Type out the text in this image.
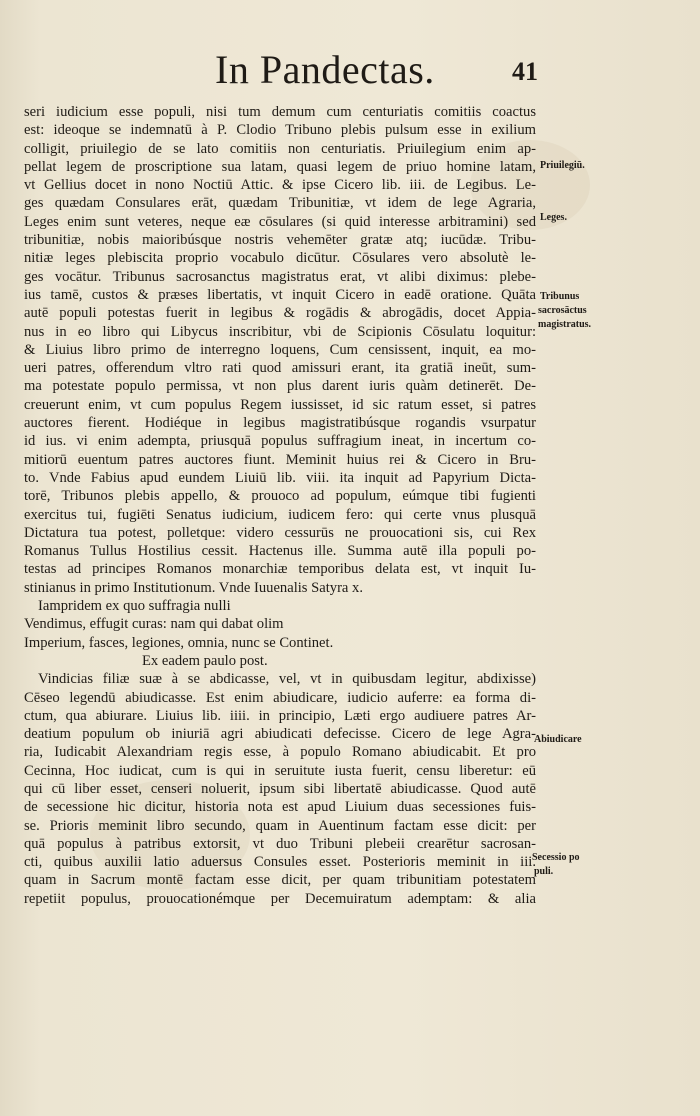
In Pandectas.	41
seri iudicium esse populi, nisi tum demum cum centuriatis comitiis coactus
est: ideoque se indemnatū à P. Clodio Tribuno plebis pulsum esse in exilium
colligit, priuilegio de se lato comitiis non centuriatis. Priuilegium enim ap-
pellat legem de proscriptione sua latam, quasi legem de priuo homine latam,
vt Gellius docet in nono Noctiū Attic. & ipse Cicero lib. iii. de Legibus. Le-
ges quædam Consulares erāt, quædam Tribunitiæ, vt idem de lege Agraria,
Leges enim sunt veteres, neque eæ cōsulares (si quid interesse arbitramini) sed
tribunitiæ, nobis maioribúsque nostris vehemēter gratæ atq; iucūdæ. Tribu-
nitiæ leges plebiscita proprio vocabulo dicūtur. Cōsulares vero absolutè le-
ges vocātur. Tribunus sacrosanctus magistratus erat, vt alibi diximus: plebe-
ius tamē, custos & præses libertatis, vt inquit Cicero in eadē oratione. Quāta
autē populi potestas fuerit in legibus & rogādis & abrogādis, docet Appia-
nus in eo libro qui Libycus inscribitur, vbi de Scipionis Cōsulatu loquitur:
& Liuius libro primo de interregno loquens, Cum censissent, inquit, ea mo-
ueri patres, offerendum vltro rati quod amissuri erant, ita gratiā ineūt, sum-
ma potestate populo permissa, vt non plus darent iuris quàm detinerēt. De-
creuerunt enim, vt cum populus Regem iussisset, id sic ratum esset, si patres
auctores fierent. Hodiéque in legibus magistratibúsque rogandis vsurpatur
id ius. vi enim adempta, priusquā populus suffragium ineat, in incertum co-
mitiorū euentum patres auctores fiunt. Meminit huius rei & Cicero in Bru-
to. Vnde Fabius apud eundem Liuiū lib. viii. ita inquit ad Papyrium Dicta-
torē, Tribunos plebis appello, & prouoco ad populum, eúmque tibi fugienti
exercitus tui, fugiēti Senatus iudicium, iudicem fero: qui certe vnus plusquā
Dictatura tua potest, polletque: videro cessurūs ne prouocationi sis, cui Rex
Romanus Tullus Hostilius cessit. Hactenus ille. Summa autē illa populi po-
testas ad principes Romanos monarchiæ temporibus delata est, vt inquit Iu-
stinianus in primo Institutionum. Vnde Iuuenalis Satyra x.
Iampridem ex quo suffragia nulli
Vendimus, effugit curas: nam qui dabat olim
Imperium, fasces, legiones, omnia, nunc se Continet.
Ex eadem paulo post.
Vindicias filiæ suæ à se abdicasse, vel, vt in quibusdam legitur, abdixisse)
Cēseo legendū abiudicasse. Est enim abiudicare, iudicio auferre: ea forma di-
ctum, qua abiurare. Liuius lib. iiii. in principio, Læti ergo audiuere patres Ar-
deatium populum ob iniuriā agri abiudicati defecisse. Cicero de lege Agra-
ria, Iudicabit Alexandriam regis esse, à populo Romano abiudicabit. Et pro
Cecinna, Hoc iudicat, cum is qui in seruitute iusta fuerit, censu liberetur: eū
qui cū liber esset, censeri noluerit, ipsum sibi libertatē abiudicasse. Quod autē
de secessione hic dicitur, historia nota est apud Liuium duas secessiones fuis-
se. Prioris meminit libro secundo, quam in Auentinum factam esse dicit: per
quā populus à patribus extorsit, vt duo Tribuni plebeii crearētur sacrosan-
cti, quibus auxilii latio aduersus Consules esset. Posterioris meminit in iii.
quam in Sacrum montē factam esse dicit, per quam tribunitiam potestatem
repetiit populus, prouocationémque per Decemuiratum ademptam: & alia
Priuilegiū.
Leges.
Tribunus
sacrosāctus
magistratus.
Abiudicare
Secessio po
puli.
